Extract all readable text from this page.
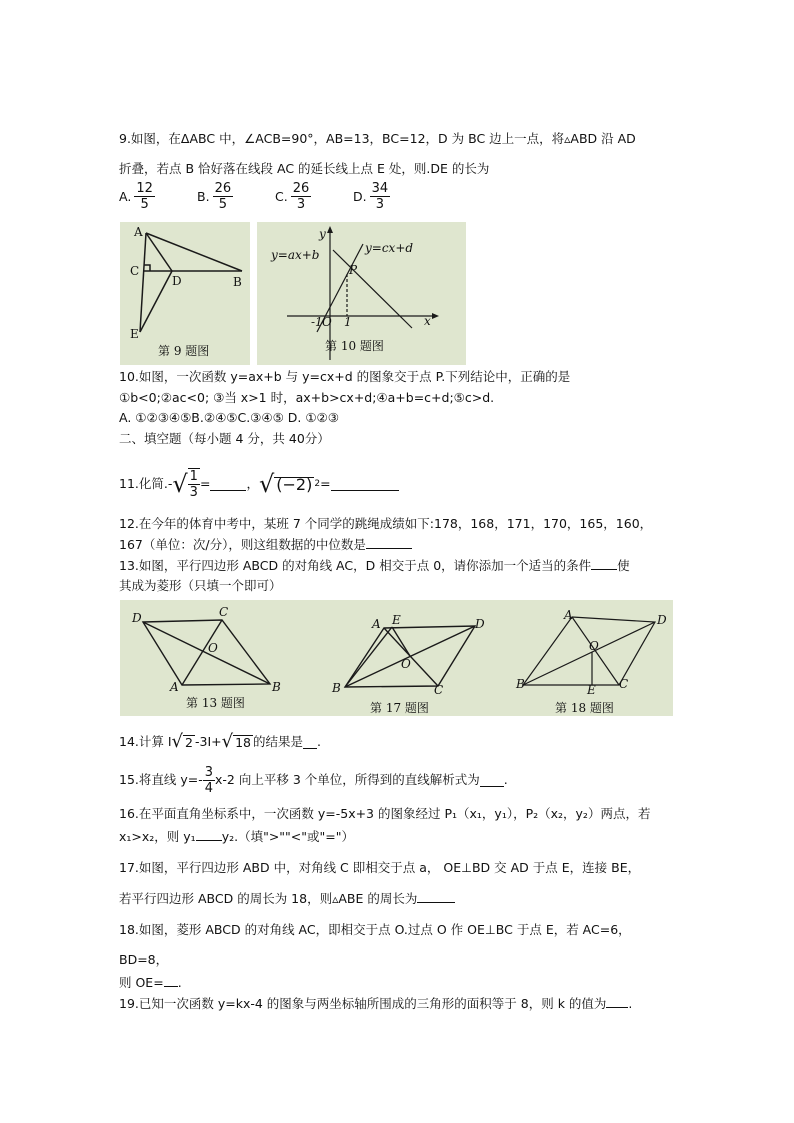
9.如图，在ΔABC 中，∠ACB=90°，AB=13，BC=12，D 为 BC 边上一点，将▵ABD 沿 AD
折叠，若点 B 恰好落在线段 AC 的延长线上点 E 处，则.DE 的长为
A. $\frac{12}{5}$	B. $\frac{26}{5}$	C. $\frac{26}{3}$	D. $\frac{34}{3}$
A
C
D	B
E
第 9 题图
y
x
y=ax+b	y=cx+d
P
-1 O 1
第 10 题图
10.如图，一次函数 y=ax+b 与 y=cx+d 的图象交于点 P.下列结论中，正确的是
①b<0;②ac<0; ③当 x>1 时，ax+b>cx+d;④a+b=c+d;⑤c>d.
A. ①②③④⑤B.②④⑤C.③④⑤ D. ①②③
二、填空题（每小题 4 分，共 40分）
11.化简.- √ $\frac{1}{3}$ =	， √ (−2) 2 =
12.在今年的体育中考中，某班 7 个同学的跳绳成绩如下:178，168，171，170，165，160，
167（单位：次/分），则这组数据的中位数是
13.如图，平行四边形 ABCD 的对角线 AC，D 相交于点 0，请你添加一个适当的条件 使
其成为菱形（只填一个即可）
D	C
O
A	B
第 13 题图
A E	D
O
B	C
第 17 题图
A	D
O
B	E C
第 18 题图
14.计算 I √ 2 -3I+ √ 18 的结果是 .
15.将直线 $y=- \frac{3}{4} x-2$ 向上平移 3 个单位，所得到的直线解析式为 .
16.在平面直角坐标系中，一次函数 y=-5x+3 的图象经过 P₁（x₁，y₁），P₂（x₂，y₂）两点，若
x₁>x₂，则 y₁ y₂.（填">""<"或"="）
17.如图，平行四边形 ABD 中，对角线 C 即相交于点 a， OE⊥BD 交 AD 于点 E，连接 BE，
若平行四边形 ABCD 的周长为 18，则▵ABE 的周长为
18.如图，菱形 ABCD 的对角线 AC，即相交于点 O.过点 O 作 OE⊥BC 于点 E，若 AC=6，
BD=8，
则 OE= .
19.已知一次函数 y=kx-4 的图象与两坐标轴所围成的三角形的面积等于 8，则 k 的值为 .
